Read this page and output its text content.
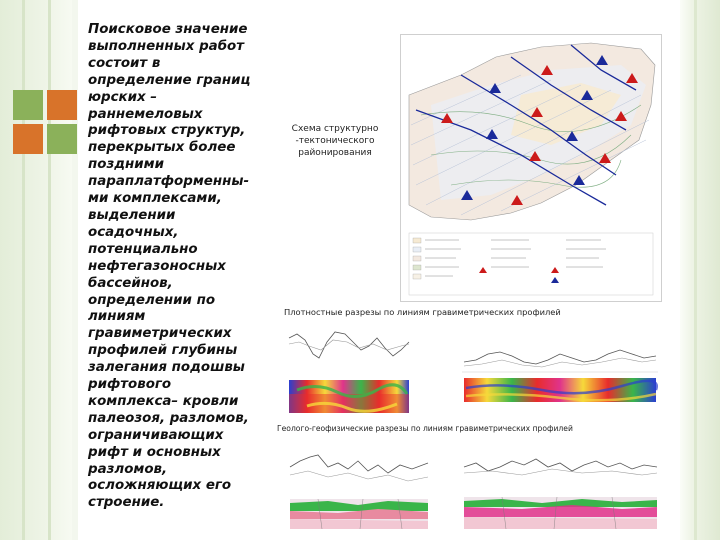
Поисковое значение
выполненных работ
состоит в
определение границ
юрских –
раннемеловых
рифтовых структур,
перекрытых более
поздними
параплатформенны-
ми комплексами,
выделении
осадочных,
потенциально
нефтегазоносных
бассейнов,
определении по
линиям
гравиметрических
профилей глубины
залегания подошвы
рифтового
комплекса– кровли
палеозоя, разломов,
ограничивающих
рифт и основных
разломов,
осложняющих его
строение.
Схема структурно
-тектонического
районирования
Плотностные разрезы по линиям гравиметрических профилей
Геолого-геофизические разрезы по линиям гравиметрических профилей
